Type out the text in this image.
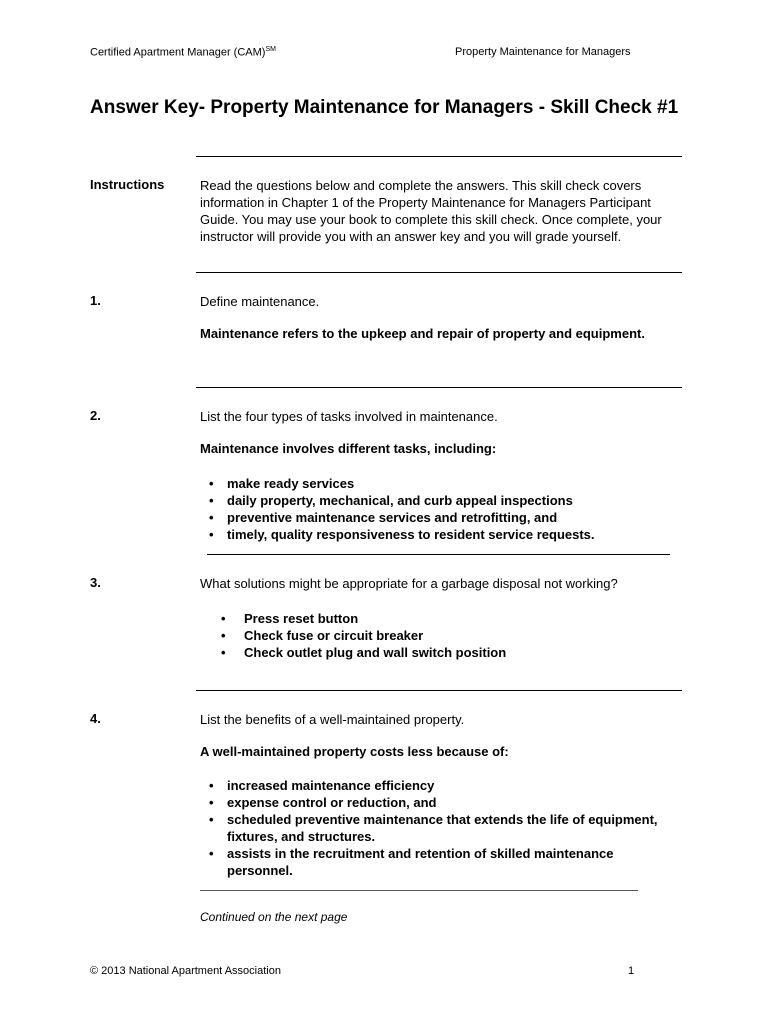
Certified Apartment Manager (CAM)℠	Property Maintenance for Managers
Answer Key- Property Maintenance for Managers - Skill Check #1
Instructions	Read the questions below and complete the answers. This skill check covers information in Chapter 1 of the Property Maintenance for Managers Participant Guide. You may use your book to complete this skill check. Once complete, your instructor will provide you with an answer key and you will grade yourself.
1.	Define maintenance.
Maintenance refers to the upkeep and repair of property and equipment.
2.	List the four types of tasks involved in maintenance.
Maintenance involves different tasks, including:
• make ready services
• daily property, mechanical, and curb appeal inspections
• preventive maintenance services and retrofitting, and
• timely, quality responsiveness to resident service requests.
3.	What solutions might be appropriate for a garbage disposal not working?
• Press reset button
• Check fuse or circuit breaker
• Check outlet plug and wall switch position
4.	List the benefits of a well-maintained property.
A well-maintained property costs less because of:
• increased maintenance efficiency
• expense control or reduction, and
• scheduled preventive maintenance that extends the life of equipment, fixtures, and structures.
• assists in the recruitment and retention of skilled maintenance personnel.
Continued on the next page
© 2013 National Apartment Association	1
